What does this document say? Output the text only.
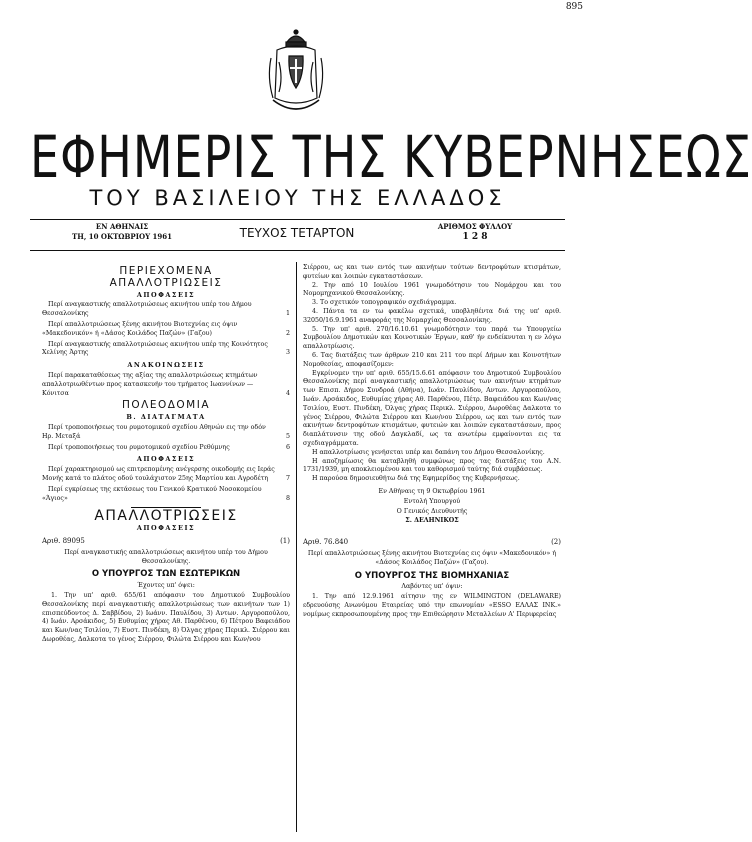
895
ΕΦΗΜΕΡΙΣ ΤΗΣ ΚΥΒΕΡΝΗΣΕΩΣ
ΤΟΥ ΒΑΣΙΛΕΙΟΥ ΤΗΣ ΕΛΛΑΔΟΣ
ΕΝ ΑΘΗΝΑΙΣ
ΤΗ, 10 ΟΚΤΩΒΡΙΟΥ 1961	ΤΕΥΧΟΣ ΤΕΤΑΡΤΟΝ	ΑΡΙΘΜΟΣ ΦΥΛΛΟΥ
1 2 8
ΠΕΡΙΕΧΟΜΕΝΑ
ΑΠΑΛΛΟΤΡΙΩΣΕΙΣ
ΑΠΟΦΑΣΕΙΣ
Περί αναγκαστικής απαλλοτριώσεως ακινήτου υπέρ του Δήμου Θεσσαλονίκης	1
Περί απαλλοτριώσεως ξένης ακινήτου Βιοτεχνίας εις όψιν «Μακεδονικόν» ή «Δάσος Κοιλάδος Παζών» (Γαζου)	2
Περί αναγκαστικής απαλλοτριώσεως ακινήτου υπέρ της Κοινότητος Χελίνης Άρτης	3
ΑΝΑΚΟΙΝΩΣΕΙΣ
Περί παρακαταθέσεως της αξίας της απαλλοτριώσεως κτημάτων απαλλοτριωθέντων προς κατασκευήν του τμήματος Ιωαννίνων — Κόνιτσα	4
ΠΟΛΕΟΔΟΜΙΑ
Β. ΔΙΑΤΑΓΜΑΤΑ
Περί τροποποιήσεως του ρυμοτομικού σχεδίου Αθηνών εις την οδόν Ηρ. Μεταξά	5
Περί τροποποιήσεως του ρυμοτομικού σχεδίου Ρεθύμνης	6
ΑΠΟΦΑΣΕΙΣ
Περί χαρακτηρισμού ως επιτρεπομένης ανέγερσης οικοδομής εις Ιεράς Μονής κατά το πλάτος οδού τουλάχιστον 25ης Μαρτίου και Αγροδέτη	7
Περί εγκρίσεως της εκτάσεως του Γενικού Κρατικού Νοσοκομείου «Άγιος»	8
ΑΠΑΛΛΟΤΡΙΩΣΕΙΣ
ΑΠΟΦΑΣΕΙΣ
Αριθ. 89095	(1)

Περί αναγκαστικής απαλλοτριώσεως ακινήτου υπέρ του Δήμου Θεσσαλονίκης.

Ο ΥΠΟΥΡΓΟΣ ΤΩΝ ΕΣΩΤΕΡΙΚΩΝ

Έχοντες υπ' όψει:

1. Την υπ' αριθ. 655/61 απόφασιν του Δημοτικού Συμβουλίου Θεσσαλονίκης περί αναγκαστικής απαλλοτριώσεως των ακινήτων των 1) επισπεύδοντος Δ. Σαββίδου, 2) Ιωάνν. Παυλίδου, 3) Αντων. Αργυροπούλου, 4) Ιωάν. Αρσάκιδος, 5) Ευθυμίας χήρας Αθ. Παρθένου, 6) Πέτρου Βαφειάδου και Κων/νας Τσιλίου, 7) Ευστ. Πινδέκη, 8) Όλγας χήρας Περικλ. Σιέρρου και Δωροθέας, Δαλκοτα το γένος Σιέρρου, Φιλώτα Σιέρρου και Κων/νου

Σιέρρου, ως και των εντός των ακινήτων τούτων δεντροφύτων κτισμάτων, φυτείων και λοιπών εγκαταστάσεων.

2. Την από 10 Ιουλίου 1961 γνωμοδότησιν του Νομάρχου και του Νομομηχανικού Θεσσαλονίκης.

3. Το σχετικόν τοπογραφικόν σχεδιάγραμμα.

4. Πάντα τα εν τω φακέλω σχετικά, υποβληθέντα διά της υπ' αριθ. 32050/16.9.1961 αναφοράς της Νομαρχίας Θεσσαλονίκης.

5. Την υπ' αριθ. 270/16.10.61 γνωμοδότησιν του παρά τω Υπουργείω Συμβουλίου Δημοτικών και Κοινοτικών Έργων, καθ' ήν ενδείκνυται η εν λόγω απαλλοτρίωσις.

6. Τας διατάξεις των άρθρων 210 και 211 του περί Δήμων και Κοινοτήτων Νομοθεσίας, αποφασίζομεν:

Εγκρίνομεν την υπ' αριθ. 655/15.6.61 απόφασιν του Δημοτικού Συμβουλίου Θεσσαλονίκης περί αναγκαστικής απαλλοτριώσεως των ακινήτων κτημάτων των Επισπ. Δήμου Συνδροά (Αθήνα), Ιωάν. Παυλίδου, Αντων. Αργυροπούλου, Ιωάν. Αρσάκιδος, Ευθυμίας χήρας Αθ. Παρθένου, Πέτρ. Βαφειάδου και Κων/νας Τσιλίου, Ευστ. Πινδέκη, Όλγας χήρας Περικλ. Σιέρρου, Δωροθέας Δαλκοτα το γένος Σιέρρου, Φιλώτα Σιέρρου και Κων/νου Σιέρρου, ως και των εντός των ακινήτων δεντροφύτων κτισμάτων, φυτειών και λοιπών εγκαταστάσεων, προς διαπλάτυνσιν της οδού Δαγκλαδί, ως τα ανωτέρω εμφαίνονται εις τα σχεδιαγράμματα.

Η απαλλοτρίωσις γενήσεται υπέρ και δαπάνη του Δήμου Θεσσαλονίκης.

Η αποζημίωσις θα καταβληθή συμφώνως προς τας διατάξεις του Α.Ν. 1731/1939, μη αποκλειομένου και του καθορισμού ταύτης διά συμβάσεως.

Η παρούσα δημοσιευθήτω διά της Εφημερίδος της Κυβερνήσεως.

Εν Αθήναις τη 9 Οκτωβρίου 1961

Εντολή Υπουργού

Ο Γενικός Διευθυντής

Σ. ΔΕΛΗΝΙΚΟΣ

Αριθ. 76.840	(2)

Περί απαλλοτριώσεως ξένης ακινήτου Βιοτεχνίας εις όψιν «Μακεδονικόν» ή «Δάσος Κοιλάδος Παζών» (Γαζου).

Ο ΥΠΟΥΡΓΟΣ ΤΗΣ ΒΙΟΜΗΧΑΝΙΑΣ

Λαβόντες υπ' όψιν:

1. Την από 12.9.1961 αίτησιν της εν WILMINGTON (DELAWARE) εδρευούσης Ανωνύμου Εταιρείας υπό την επωνυμίαν «ESSO ΕΛΛΑΣ ΙΝΚ.» νομίμως εκπροσωπουμένης προς την Επιθεώρησιν Μεταλλείων Α' Περιφερείας
